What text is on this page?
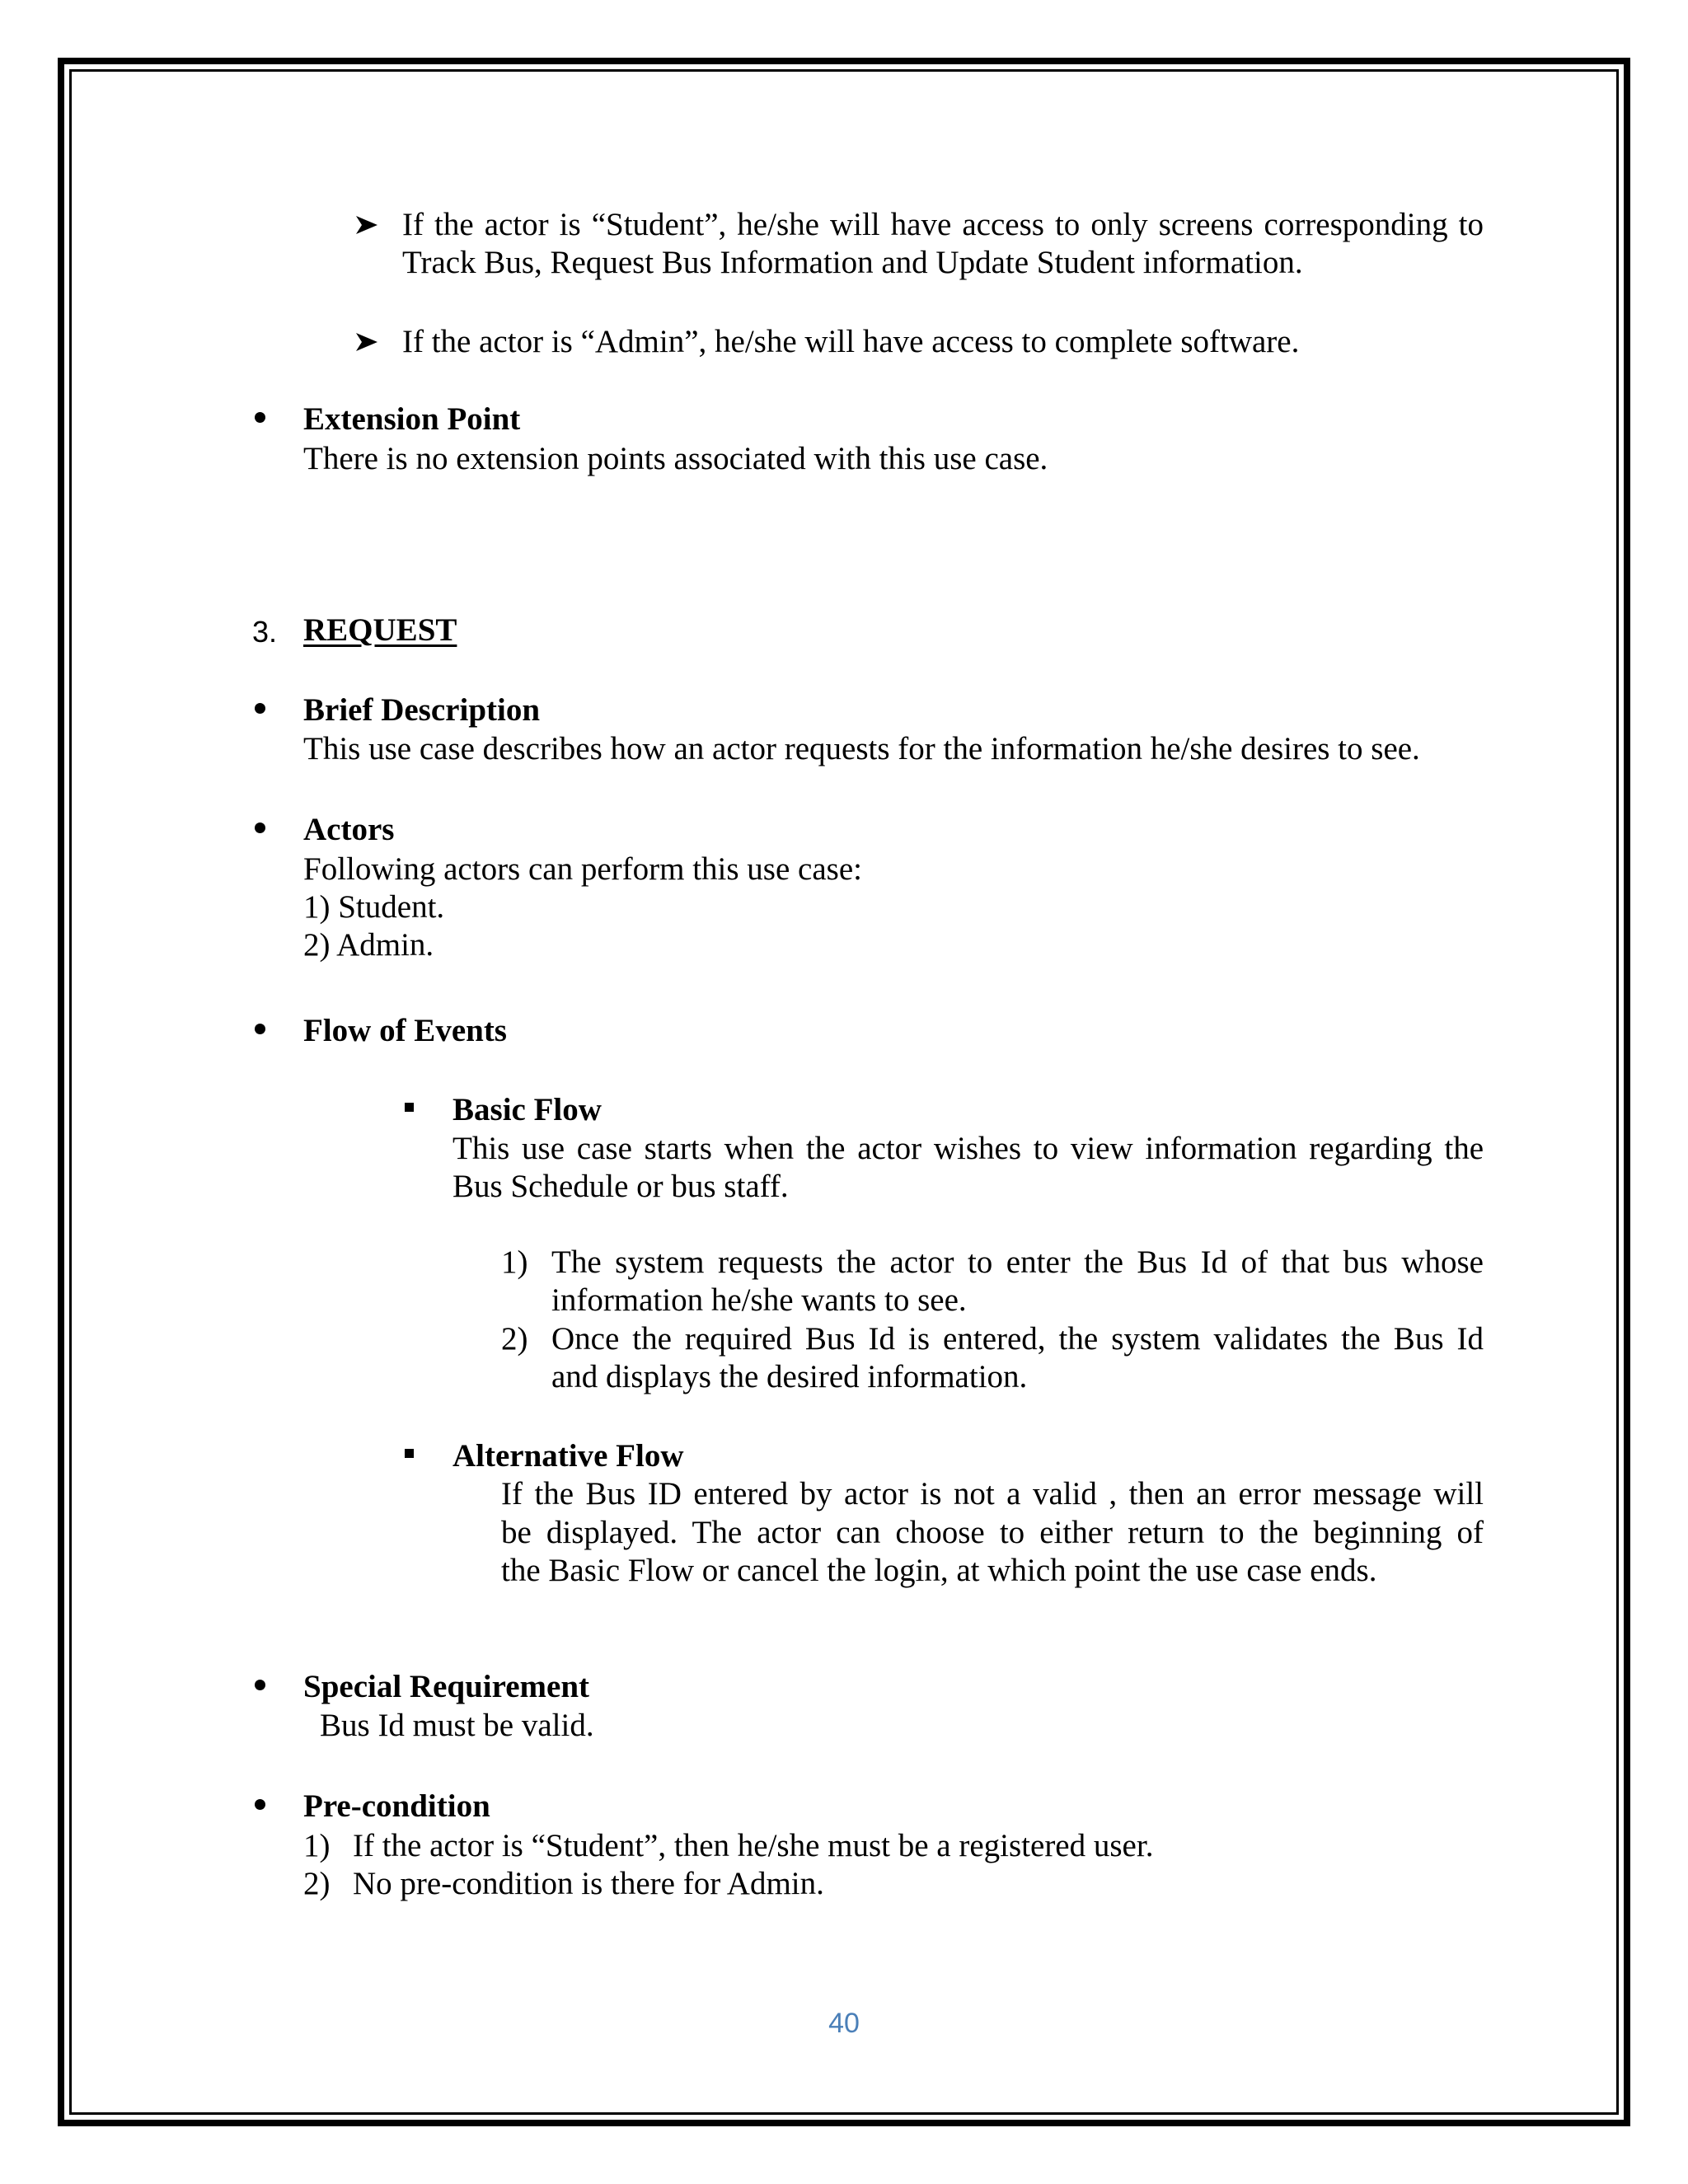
If the actor is “Student”, he/she will have access to only screens corresponding to
Track Bus, Request Bus Information and Update Student information.
If the actor is “Admin”, he/she will have access to complete software.
Extension Point
There is no extension points associated with this use case.
3. REQUEST
Brief Description
This use case describes how an actor requests for the information he/she desires to see.
Actors
Following actors can perform this use case:
1) Student.
2) Admin.
Flow of Events
Basic Flow
This use case starts when the actor wishes to view information regarding the
Bus Schedule or bus staff.
1) The system requests the actor to enter the Bus Id of that bus whose
information he/she wants to see.
2) Once the required Bus Id is entered, the system validates the Bus Id
and displays the desired information.
Alternative Flow
If the Bus ID entered by actor is not a valid , then an error message will
be displayed. The actor can choose to either return to the beginning of
the Basic Flow or cancel the login, at which point the use case ends.
Special Requirement
Bus Id must be valid.
Pre-condition
1) If the actor is “Student”, then he/she must be a registered user.
2) No pre-condition is there for Admin.
40
